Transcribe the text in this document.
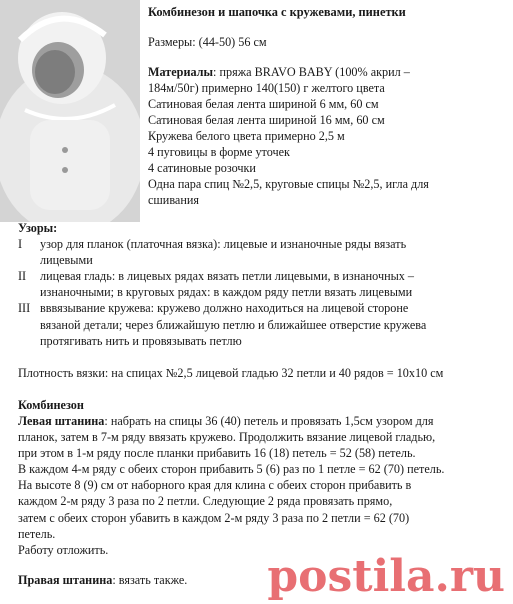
Комбинезон и шапочка с кружевами, пинетки
Размеры: (44-50) 56 см
Материалы: пряжа BRAVO BABY (100% акрил –
184м/50г) примерно 140(150) г желтого цвета
Сатиновая белая лента шириной 6 мм, 60 см
Сатиновая белая лента шириной 16 мм, 60 см
Кружева белого цвета примерно 2,5 м
4 пуговицы в форме уточек
4 сатиновые розочки
Одна пара спиц №2,5, круговые спицы №2,5, игла для
сшивания
Узоры:
I	узор для планок (платочная вязка): лицевые и изнаночные ряды вязать
лицевыми
II	лицевая гладь: в лицевых рядах вязать петли лицевыми, в изнаночных –
изнаночными; в круговых рядах: в каждом ряду петли вязать лицевыми
III вввязывание кружева: кружево должно находиться на лицевой стороне
вязаной детали; через ближайшую петлю и ближайшее отверстие кружева
протягивать нить и провязывать петлю
Плотность вязки: на спицах №2,5 лицевой гладью 32 петли и 40 рядов = 10х10 см
Комбинезон
Левая штанина: набрать на спицы 36 (40) петель и провязать 1,5см узором для
планок, затем в 7-м ряду ввязать кружево. Продолжить вязание лицевой гладью,
при этом в 1-м ряду после планки прибавить 16 (18) петель = 52 (58) петель.
В каждом 4-м ряду с обеих сторон прибавить 5 (6) раз по 1 петле = 62 (70) петель.
На высоте 8 (9) см от наборного края для клина с обеих сторон прибавить в
каждом 2-м ряду 3 раза по 2 петли. Следующие 2 ряда провязать прямо,
затем с обеих сторон убавить в каждом 2-м ряду 3 раза по 2 петли = 62 (70)
петель.
Работу отложить.
Правая штанина: вязать также.	postila.ru
